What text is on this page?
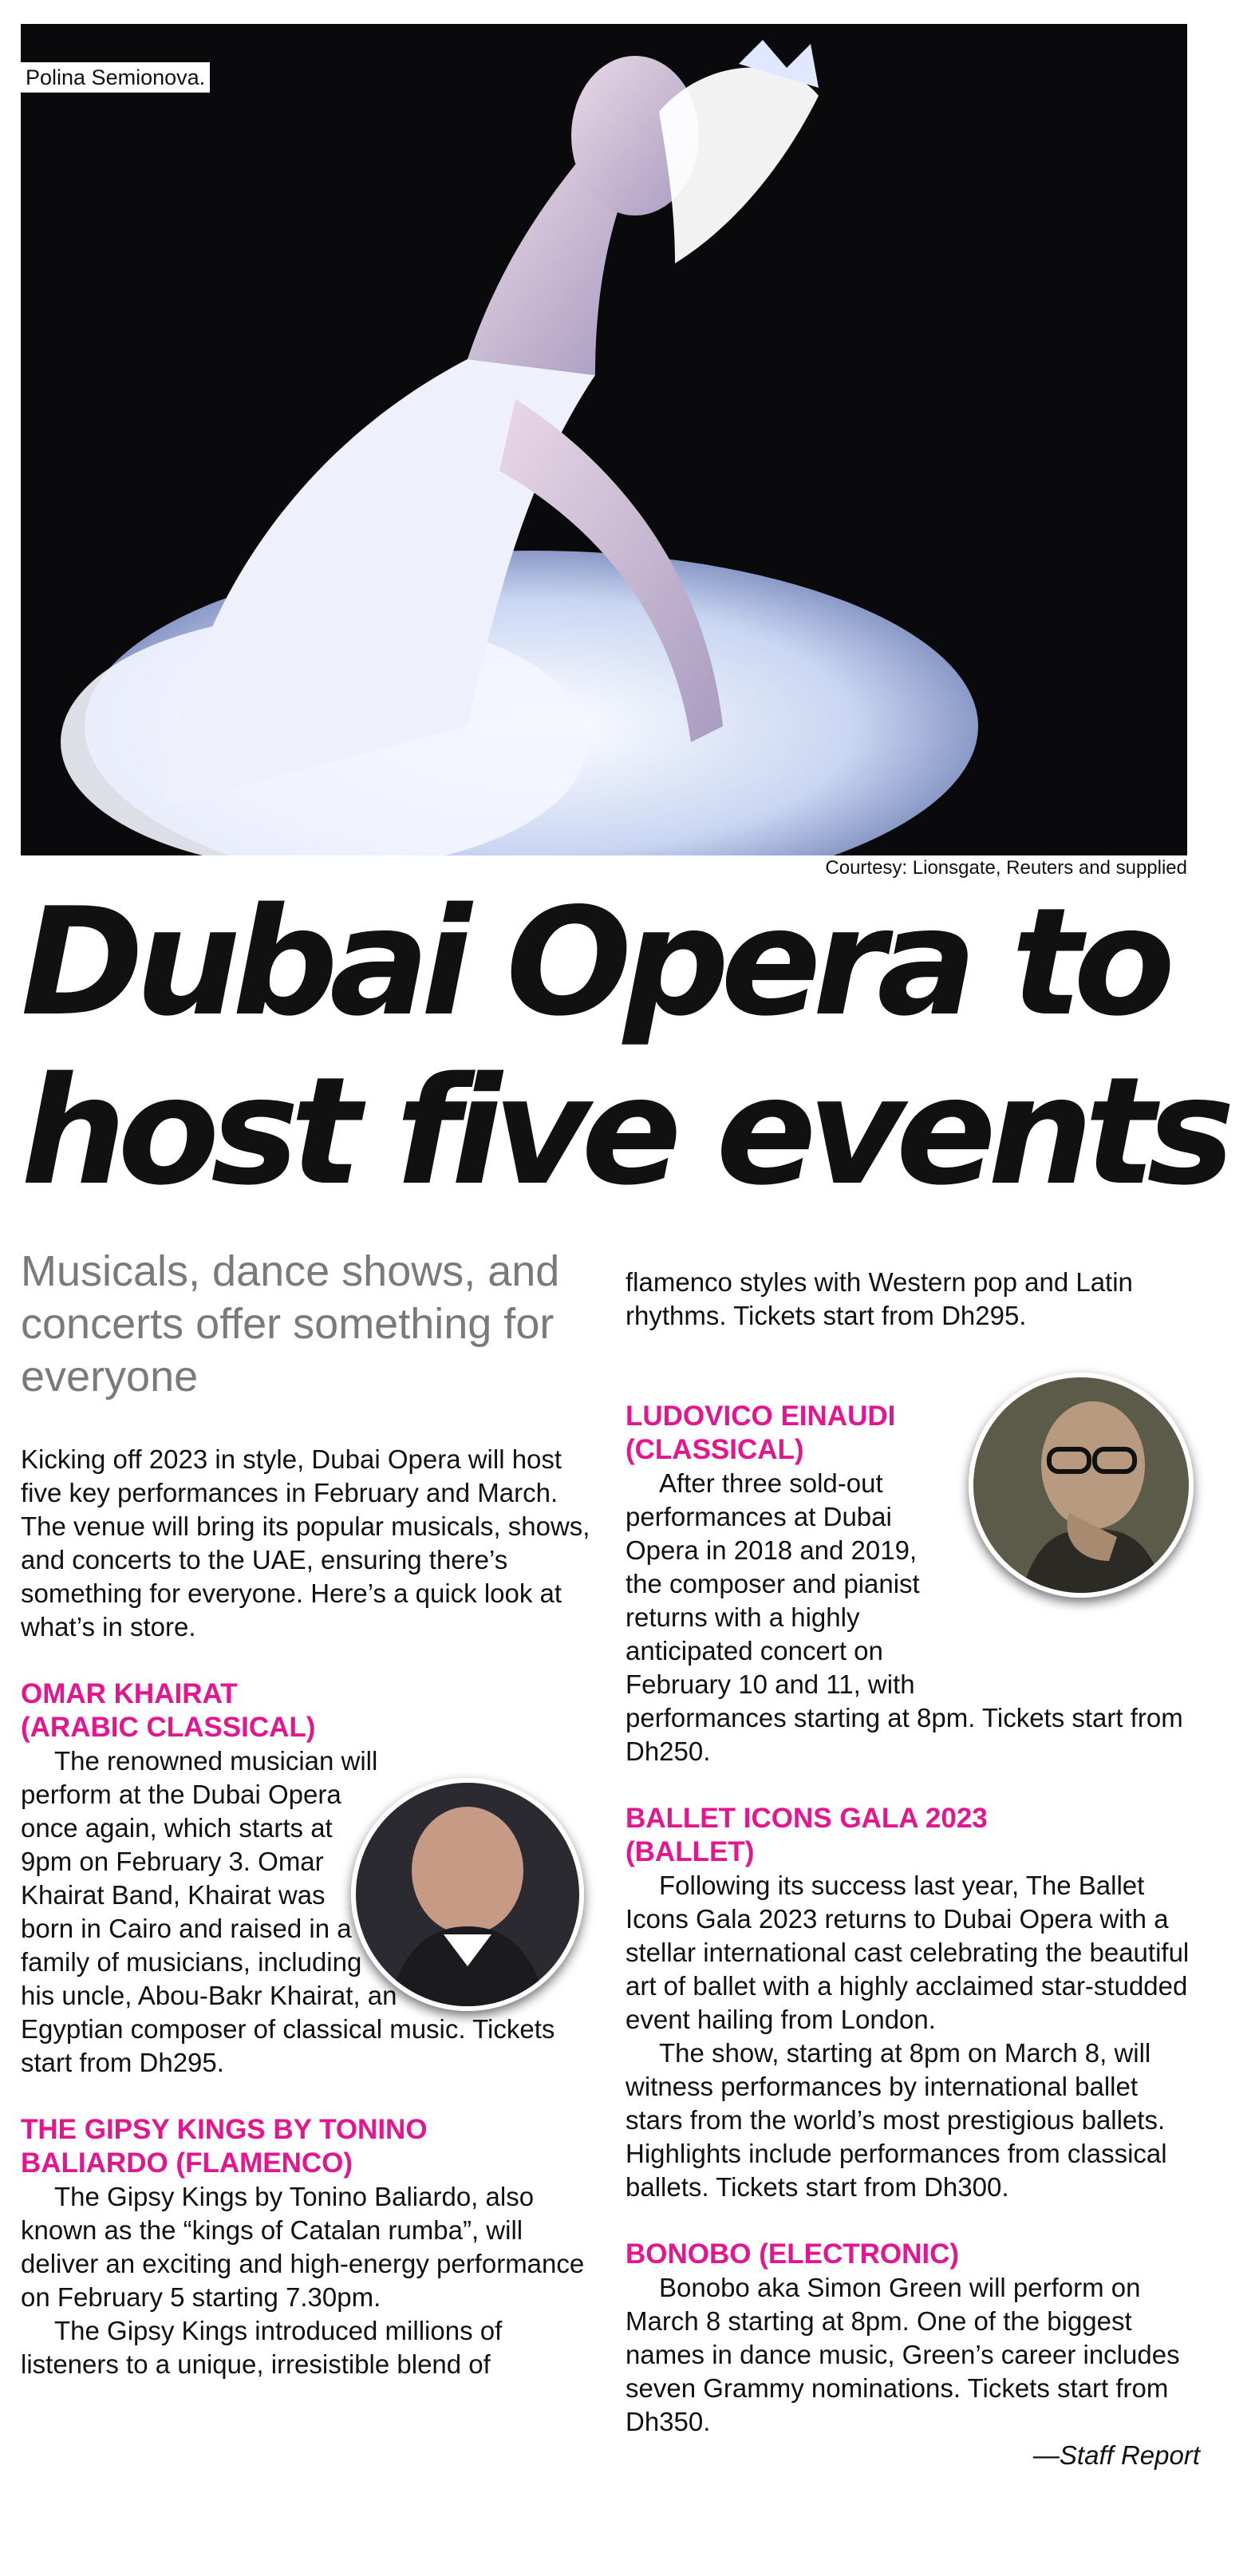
Polina Semionova.
Courtesy: Lionsgate, Reuters and supplied
Dubai Opera to
host five events
Musicals, dance shows, and concerts offer something for everyone

Kicking off 2023 in style, Dubai Opera will host five key performances in February and March. The venue will bring its popular musicals, shows, and concerts to the UAE, ensuring there’s something for everyone. Here’s a quick look at what’s in store.

OMAR KHAIRAT (ARABIC CLASSICAL)

The renowned musician will perform at the Dubai Opera once again, which starts at 9pm on February 3. Omar Khairat Band, Khairat was born in Cairo and raised in a family of musicians, including his uncle, Abou-Bakr Khairat, an Egyptian composer of classical music. Tickets start from Dh295.

THE GIPSY KINGS BY TONINO BALIARDO (FLAMENCO)

The Gipsy Kings by Tonino Baliardo, also known as the “kings of Catalan rumba”, will deliver an exciting and high-energy performance on February 5 starting 7.30pm.

The Gipsy Kings introduced millions of listeners to a unique, irresistible blend of

flamenco styles with Western pop and Latin rhythms. Tickets start from Dh295.

LUDOVICO EINAUDI (CLASSICAL)

After three sold-out performances at Dubai Opera in 2018 and 2019, the composer and pianist returns with a highly anticipated concert on February 10 and 11, with performances starting at 8pm. Tickets start from Dh250.

BALLET ICONS GALA 2023 (BALLET)

Following its success last year, The Ballet Icons Gala 2023 returns to Dubai Opera with a stellar international cast celebrating the beautiful art of ballet with a highly acclaimed star-studded event hailing from London.

The show, starting at 8pm on March 8, will witness performances by international ballet stars from the world’s most prestigious ballets. Highlights include performances from classical ballets. Tickets start from Dh300.

BONOBO (ELECTRONIC)

Bonobo aka Simon Green will perform on March 8 starting at 8pm. One of the biggest names in dance music, Green’s career includes seven Grammy nominations. Tickets start from Dh350.

—Staff Report
